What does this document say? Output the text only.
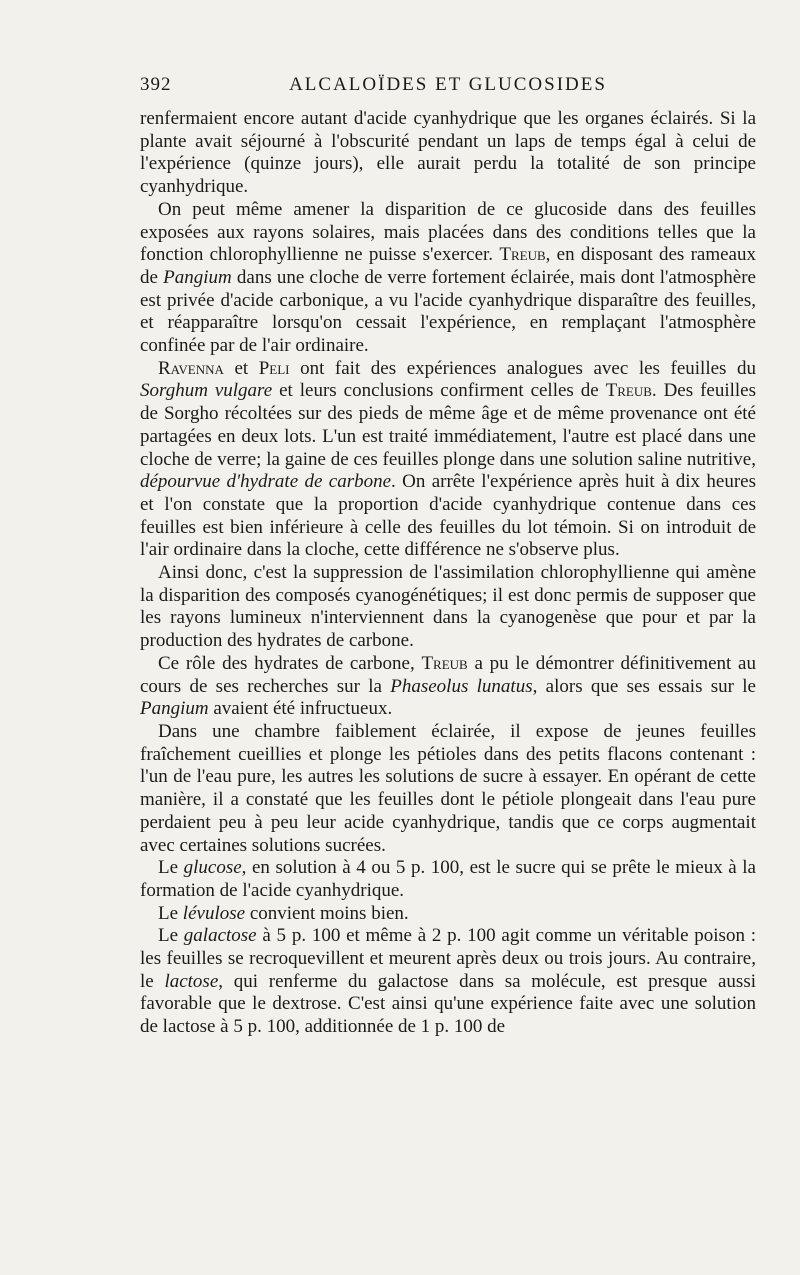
392	ALCALOÏDES ET GLUCOSIDES

renfermaient encore autant d'acide cyanhydrique que les organes éclairés. Si la plante avait séjourné à l'obscurité pendant un laps de temps égal à celui de l'expérience (quinze jours), elle aurait perdu la totalité de son principe cyanhydrique.

On peut même amener la disparition de ce glucoside dans des feuilles exposées aux rayons solaires, mais placées dans des conditions telles que la fonction chlorophyllienne ne puisse s'exercer. Treub, en disposant des rameaux de Pangium dans une cloche de verre fortement éclairée, mais dont l'atmosphère est privée d'acide carbonique, a vu l'acide cyanhydrique disparaître des feuilles, et réapparaître lorsqu'on cessait l'expérience, en remplaçant l'atmosphère confinée par de l'air ordinaire.

Ravenna et Peli ont fait des expériences analogues avec les feuilles du Sorghum vulgare et leurs conclusions confirment celles de Treub. Des feuilles de Sorgho récoltées sur des pieds de même âge et de même provenance ont été partagées en deux lots. L'un est traité immédiatement, l'autre est placé dans une cloche de verre; la gaine de ces feuilles plonge dans une solution saline nutritive, dépourvue d'hydrate de carbone. On arrête l'expérience après huit à dix heures et l'on constate que la proportion d'acide cyanhydrique contenue dans ces feuilles est bien inférieure à celle des feuilles du lot témoin. Si on introduit de l'air ordinaire dans la cloche, cette différence ne s'observe plus.

Ainsi donc, c'est la suppression de l'assimilation chlorophyllienne qui amène la disparition des composés cyanogénétiques; il est donc permis de supposer que les rayons lumineux n'interviennent dans la cyanogenèse que pour et par la production des hydrates de carbone.

Ce rôle des hydrates de carbone, Treub a pu le démontrer définitivement au cours de ses recherches sur la Phaseolus lunatus, alors que ses essais sur le Pangium avaient été infructueux.

Dans une chambre faiblement éclairée, il expose de jeunes feuilles fraîchement cueillies et plonge les pétioles dans des petits flacons contenant : l'un de l'eau pure, les autres les solutions de sucre à essayer. En opérant de cette manière, il a constaté que les feuilles dont le pétiole plongeait dans l'eau pure perdaient peu à peu leur acide cyanhydrique, tandis que ce corps augmentait avec certaines solutions sucrées.

Le glucose, en solution à 4 ou 5 p. 100, est le sucre qui se prête le mieux à la formation de l'acide cyanhydrique.

Le lévulose convient moins bien.

Le galactose à 5 p. 100 et même à 2 p. 100 agit comme un véritable poison : les feuilles se recroquevillent et meurent après deux ou trois jours. Au contraire, le lactose, qui renferme du galactose dans sa molécule, est presque aussi favorable que le dextrose. C'est ainsi qu'une expérience faite avec une solution de lactose à 5 p. 100, additionnée de 1 p. 100 de
